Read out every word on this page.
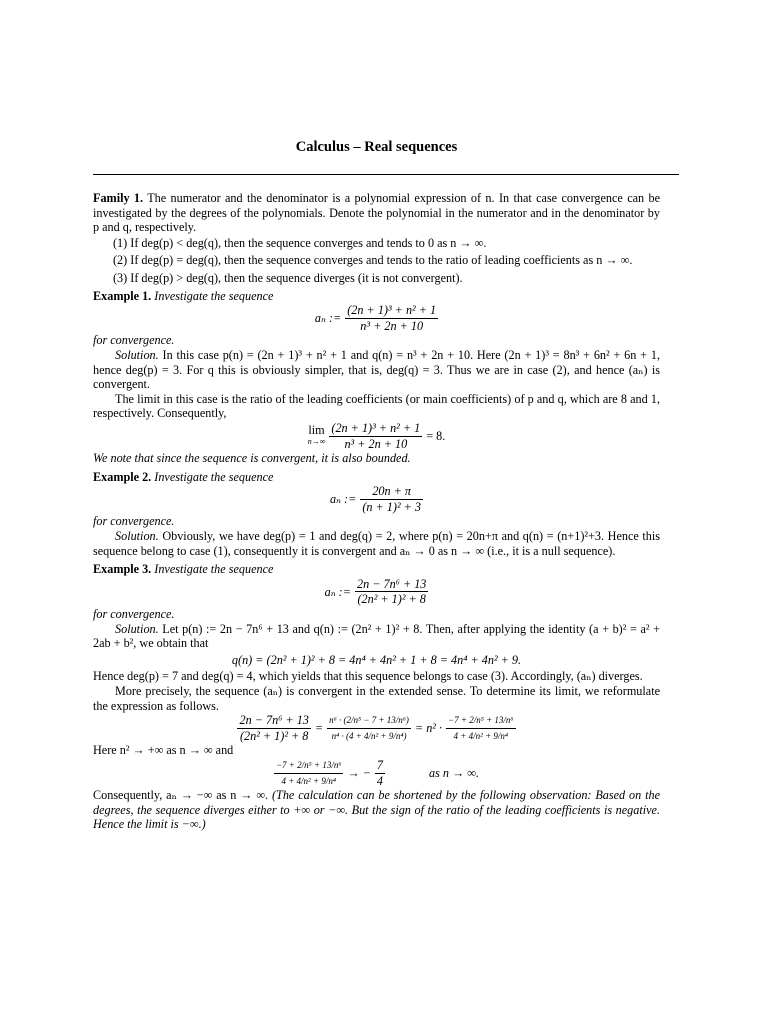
Calculus – Real sequences

Family 1. The numerator and the denominator is a polynomial expression of n. In that case convergence can be investigated by the degrees of the polynomials. Denote the polynomial in the numerator and in the denominator by p and q, respectively.

(1) If deg(p) < deg(q), then the sequence converges and tends to 0 as n → ∞.
(2) If deg(p) = deg(q), then the sequence converges and tends to the ratio of leading coefficients as n → ∞.
(3) If deg(p) > deg(q), then the sequence diverges (it is not convergent).

Example 1. Investigate the sequence

aₙ := $\frac{\text{(2n + 1)³ + n² + 1}}{\text{n³ + 2n + 10}}$

for convergence.

Solution. In this case p(n) = (2n + 1)³ + n² + 1 and q(n) = n³ + 2n + 10. Here (2n + 1)³ = 8n³ + 6n² + 6n + 1, hence deg(p) = 3. For q this is obviously simpler, that is, deg(q) = 3. Thus we are in case (2), and hence (aₙ) is convergent.

The limit in this case is the ratio of the leading coefficients (or main coefficients) of p and q, which are 8 and 1, respectively. Consequently,

lim
$n\to\infty \frac{\text{(2n + 1)³ + n² + 1}}{\text{n³ + 2n + 10}} = 8$.

We note that since the sequence is convergent, it is also bounded.

Example 2. Investigate the sequence

aₙ := $\frac{20n + \pi}{\text{(n + 1)² + 3}}$

for convergence.

Solution. Obviously, we have deg(p) = 1 and deg(q) = 2, where p(n) = 20n+π and q(n) = (n+1)²+3. Hence this sequence belong to case (1), consequently it is convergent and aₙ → 0 as n → ∞ (i.e., it is a null sequence).

Example 3. Investigate the sequence

aₙ := $\frac{\text{2n − 7n⁶ + 13}}{\text{(2n² + 1)² + 8}}$

for convergence.

Solution. Let p(n) := 2n − 7n⁶ + 13 and q(n) := (2n² + 1)² + 8. Then, after applying the identity (a + b)² = a² + 2ab + b², we obtain that

q(n) = (2n² + 1)² + 8 = 4n⁴ + 4n² + 1 + 8 = 4n⁴ + 4n² + 9.

Hence deg(p) = 7 and deg(q) = 4, which yields that this sequence belongs to case (3). Accordingly, (aₙ) diverges.

More precisely, the sequence (aₙ) is convergent in the extended sense. To determine its limit, we reformulate the expression as follows.

$\frac{\text{2n − 7n⁶ + 13}}{\text{(2n² + 1)² + 8}} = \frac{\text{n⁶ · (2/n⁵ − 7 + 13/n⁶)}}{\text{n⁴ · (4 + 4/n² + 9/n⁴)}} = n^2 \cdot \frac{\text{−7 + 2/n⁵ + 13/n⁶}}{\text{4 + 4/n² + 9/n⁴}}$

Here n² → +∞ as n → ∞ and

$\frac{\text{−7 + 2/n⁵ + 13/n⁶}}{\text{4 + 4/n² + 9/n⁴}}$ → − $\frac{7}{4}$	as n → ∞.

Consequently, aₙ → −∞ as n → ∞. (The calculation can be shortened by the following observation: Based on the degrees, the sequence diverges either to +∞ or −∞. But the sign of the ratio of the leading coefficients is negative. Hence the limit is −∞.)
